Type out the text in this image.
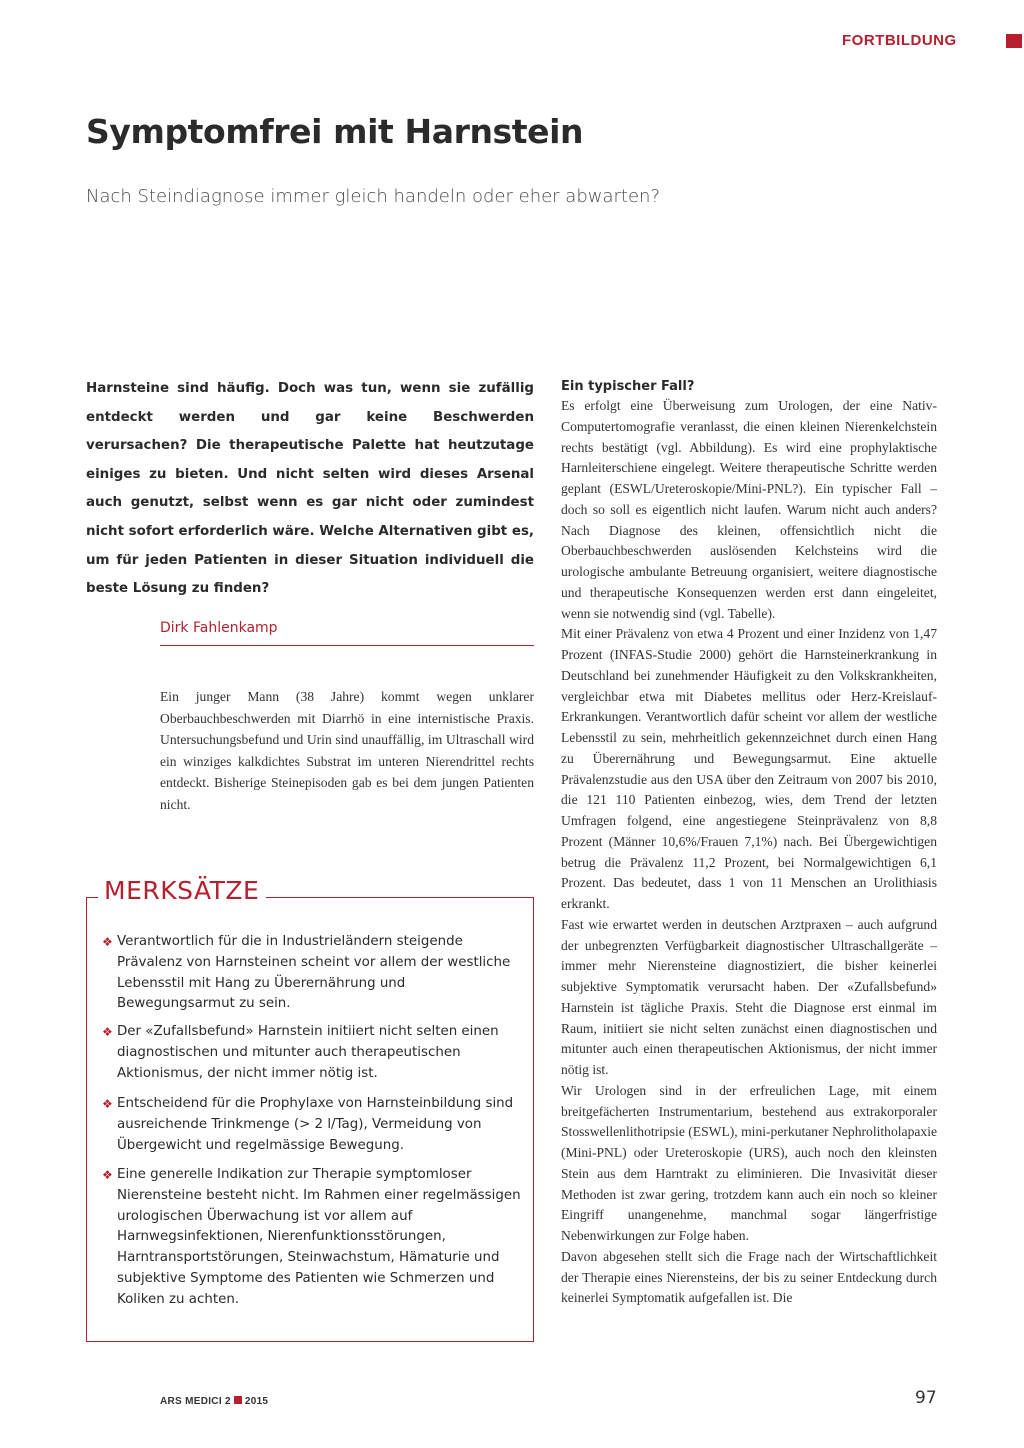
FORTBILDUNG
Symptomfrei mit Harnstein
Nach Steindiagnose immer gleich handeln oder eher abwarten?

Harnsteine sind häufig. Doch was tun, wenn sie zufällig entdeckt werden und gar keine Beschwerden verursachen? Die therapeutische Palette hat heutzutage einiges zu bieten. Und nicht selten wird dieses Arsenal auch genutzt, selbst wenn es gar nicht oder zumindest nicht sofort erforderlich wäre. Welche Alternativen gibt es, um für jeden Patienten in dieser Situation individuell die beste Lösung zu finden?

Dirk Fahlenkamp

Ein junger Mann (38 Jahre) kommt wegen unklarer Oberbauchbeschwerden mit Diarrhö in eine internistische Praxis. Untersuchungsbefund und Urin sind unauffällig, im Ultraschall wird ein winziges kalkdichtes Substrat im unteren Nierendrittel rechts entdeckt. Bisherige Steinepisoden gab es bei dem jungen Patienten nicht.

MERKSÄTZE
❖ Verantwortlich für die in Industrieländern steigende Prävalenz von Harnsteinen scheint vor allem der westliche Lebensstil mit Hang zu Überernährung und Bewegungsarmut zu sein.
❖ Der «Zufallsbefund» Harnstein initiiert nicht selten einen diagnostischen und mitunter auch therapeutischen Aktionismus, der nicht immer nötig ist.
❖ Entscheidend für die Prophylaxe von Harnsteinbildung sind ausreichende Trinkmenge (> 2 l/Tag), Vermeidung von Übergewicht und regelmässige Bewegung.
❖ Eine generelle Indikation zur Therapie symptomloser Nierensteine besteht nicht. Im Rahmen einer regelmässigen urologischen Überwachung ist vor allem auf Harnwegsinfektionen, Nierenfunktionsstörungen, Harntransportstörungen, Steinwachstum, Hämaturie und subjektive Symptome des Patienten wie Schmerzen und Koliken zu achten.
Ein typischer Fall?

Es erfolgt eine Überweisung zum Urologen, der eine Nativ-Computertomografie veranlasst, die einen kleinen Nierenkelchstein rechts bestätigt (vgl. Abbildung). Es wird eine prophylaktische Harnleiterschiene eingelegt. Weitere therapeutische Schritte werden geplant (ESWL/Ureteroskopie/Mini-PNL?). Ein typischer Fall – doch so soll es eigentlich nicht laufen. Warum nicht auch anders? Nach Diagnose des kleinen, offensichtlich nicht die Oberbauchbeschwerden auslösenden Kelchsteins wird die urologische ambulante Betreuung organisiert, weitere diagnostische und therapeutische Konsequenzen werden erst dann eingeleitet, wenn sie notwendig sind (vgl. Tabelle).

Mit einer Prävalenz von etwa 4 Prozent und einer Inzidenz von 1,47 Prozent (INFAS-Studie 2000) gehört die Harnsteinerkrankung in Deutschland bei zunehmender Häufigkeit zu den Volkskrankheiten, vergleichbar etwa mit Diabetes mellitus oder Herz-Kreislauf-Erkrankungen. Verantwortlich dafür scheint vor allem der westliche Lebensstil zu sein, mehrheitlich gekennzeichnet durch einen Hang zu Überernährung und Bewegungsarmut. Eine aktuelle Prävalenzstudie aus den USA über den Zeitraum von 2007 bis 2010, die 121 110 Patienten einbezog, wies, dem Trend der letzten Umfragen folgend, eine angestiegene Steinprävalenz von 8,8 Prozent (Männer 10,6%/Frauen 7,1%) nach. Bei Übergewichtigen betrug die Prävalenz 11,2 Prozent, bei Normalgewichtigen 6,1 Prozent. Das bedeutet, dass 1 von 11 Menschen an Urolithiasis erkrankt.

Fast wie erwartet werden in deutschen Arztpraxen – auch aufgrund der unbegrenzten Verfügbarkeit diagnostischer Ultraschallgeräte – immer mehr Nierensteine diagnostiziert, die bisher keinerlei subjektive Symptomatik verursacht haben. Der «Zufallsbefund» Harnstein ist tägliche Praxis. Steht die Diagnose erst einmal im Raum, initiiert sie nicht selten zunächst einen diagnostischen und mitunter auch einen therapeutischen Aktionismus, der nicht immer nötig ist.

Wir Urologen sind in der erfreulichen Lage, mit einem breitgefächerten Instrumentarium, bestehend aus extrakorporaler Stosswellenlithotripsie (ESWL), mini-perkutaner Nephrolitholapaxie (Mini-PNL) oder Ureteroskopie (URS), auch noch den kleinsten Stein aus dem Harntrakt zu eliminieren. Die Invasivität dieser Methoden ist zwar gering, trotzdem kann auch ein noch so kleiner Eingriff unangenehme, manchmal sogar längerfristige Nebenwirkungen zur Folge haben.

Davon abgesehen stellt sich die Frage nach der Wirtschaftlichkeit der Therapie eines Nierensteins, der bis zu seiner Entdeckung durch keinerlei Symptomatik aufgefallen ist. Die

ARS MEDICI 2 2015	97
